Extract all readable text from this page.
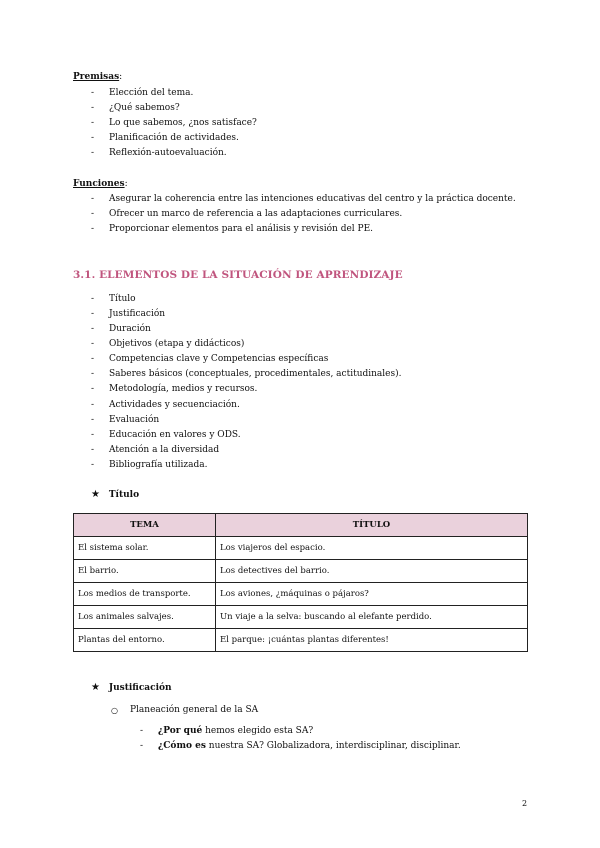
Premisas:
- Elección del tema.
- ¿Qué sabemos?
- Lo que sabemos, ¿nos satisface?
- Planificación de actividades.
- Reflexión-autoevaluación.
Funciones:
- Asegurar la coherencia entre las intenciones educativas del centro y la práctica docente.
- Ofrecer un marco de referencia a las adaptaciones curriculares.
- Proporcionar elementos para el análisis y revisión del PE.
3.1. ELEMENTOS DE LA SITUACIÓN DE APRENDIZAJE
- Título
- Justificación
- Duración
- Objetivos (etapa y didácticos)
- Competencias clave y Competencias específicas
- Saberes básicos (conceptuales, procedimentales, actitudinales).
- Metodología, medios y recursos.
- Actividades y secuenciación.
- Evaluación
- Educación en valores y ODS.
- Atención a la diversidad
- Bibliografía utilizada.
★ Título
TEMA	TÍTULO
El sistema solar.	Los viajeros del espacio.
El barrio.	Los detectives del barrio.
Los medios de transporte.	Los aviones, ¿máquinas o pájaros?
Los animales salvajes.	Un viaje a la selva: buscando al elefante perdido.
Plantas del entorno.	El parque: ¡cuántas plantas diferentes!
★ Justificación
○ Planeación general de la SA
- ¿Por qué hemos elegido esta SA?
- ¿Cómo es nuestra SA? Globalizadora, interdisciplinar, disciplinar.
2
